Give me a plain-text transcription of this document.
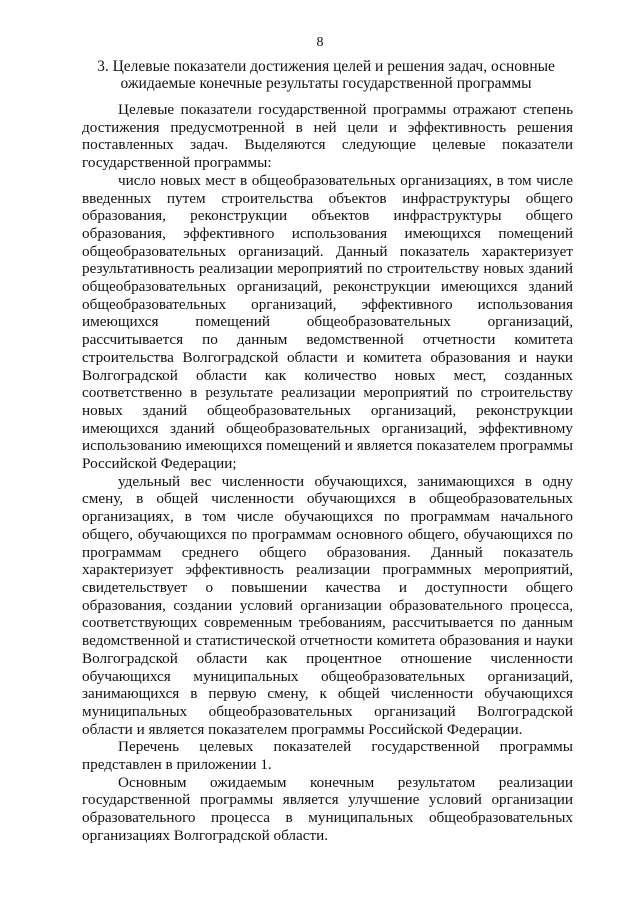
8
3. Целевые показатели достижения целей и решения задач, основные
ожидаемые конечные результаты государственной программы

Целевые показатели государственной программы отражают степень достижения предусмотренной в ней цели и эффективность решения поставленных задач. Выделяются следующие целевые показатели государственной программы:

число новых мест в общеобразовательных организациях, в том числе введенных путем строительства объектов инфраструктуры общего образования, реконструкции объектов инфраструктуры общего образования, эффективного использования имеющихся помещений общеобразовательных организаций. Данный показатель характеризует результативность реализации мероприятий по строительству новых зданий общеобразовательных организаций, реконструкции имеющихся зданий общеобразовательных организаций, эффективного использования имеющихся помещений общеобразовательных организаций, рассчитывается по данным ведомственной отчетности комитета строительства Волгоградской области и комитета образования и науки Волгоградской области как количество новых мест, созданных соответственно в результате реализации мероприятий по строительству новых зданий общеобразовательных организаций, реконструкции имеющихся зданий общеобразовательных организаций, эффективному использованию имеющихся помещений и является показателем программы Российской Федерации;

удельный вес численности обучающихся, занимающихся в одну смену, в общей численности обучающихся в общеобразовательных организациях, в том числе обучающихся по программам начального общего, обучающихся по программам основного общего, обучающихся по программам среднего общего образования. Данный показатель характеризует эффективность реализации программных мероприятий, свидетельствует о повышении качества и доступности общего образования, создании условий организации образовательного процесса, соответствующих современным требованиям, рассчитывается по данным ведомственной и статистической отчетности комитета образования и науки Волгоградской области как процентное отношение численности обучающихся муниципальных общеобразовательных организаций, занимающихся в первую смену, к общей численности обучающихся муниципальных общеобразовательных организаций Волгоградской области и является показателем программы Российской Федерации.

Перечень целевых показателей государственной программы представлен в приложении 1.

Основным ожидаемым конечным результатом реализации государственной программы является улучшение условий организации образовательного процесса в муниципальных общеобразовательных организациях Волгоградской области.
